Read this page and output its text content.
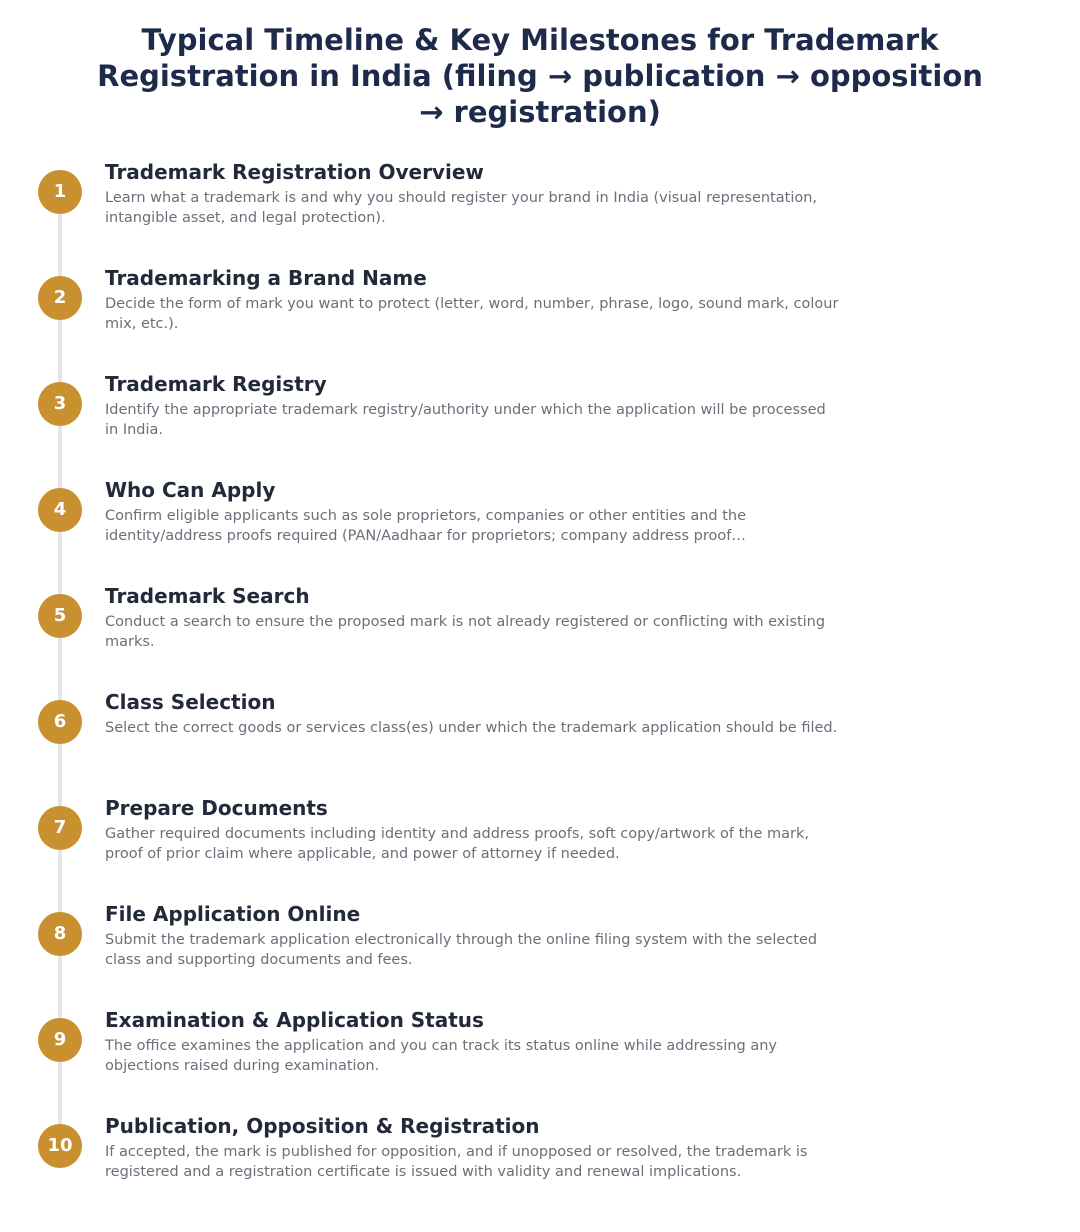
Typical Timeline & Key Milestones for Trademark Registration in India (filing → publication → opposition → registration)
1
Trademark Registration Overview
Learn what a trademark is and why you should register your brand in India (visual representation, intangible asset, and legal protection).
2
Trademarking a Brand Name
Decide the form of mark you want to protect (letter, word, number, phrase, logo, sound mark, colour mix, etc.).
3
Trademark Registry
Identify the appropriate trademark registry/authority under which the application will be processed in India.
4
Who Can Apply
Confirm eligible applicants such as sole proprietors, companies or other entities and the identity/address proofs required (PAN/Aadhaar for proprietors; company address proof…
5
Trademark Search
Conduct a search to ensure the proposed mark is not already registered or conflicting with existing marks.
6
Class Selection
Select the correct goods or services class(es) under which the trademark application should be filed.
7
Prepare Documents
Gather required documents including identity and address proofs, soft copy/artwork of the mark, proof of prior claim where applicable, and power of attorney if needed.
8
File Application Online
Submit the trademark application electronically through the online filing system with the selected class and supporting documents and fees.
9
Examination & Application Status
The office examines the application and you can track its status online while addressing any objections raised during examination.
10
Publication, Opposition & Registration
If accepted, the mark is published for opposition, and if unopposed or resolved, the trademark is registered and a registration certificate is issued with validity and renewal implications.
